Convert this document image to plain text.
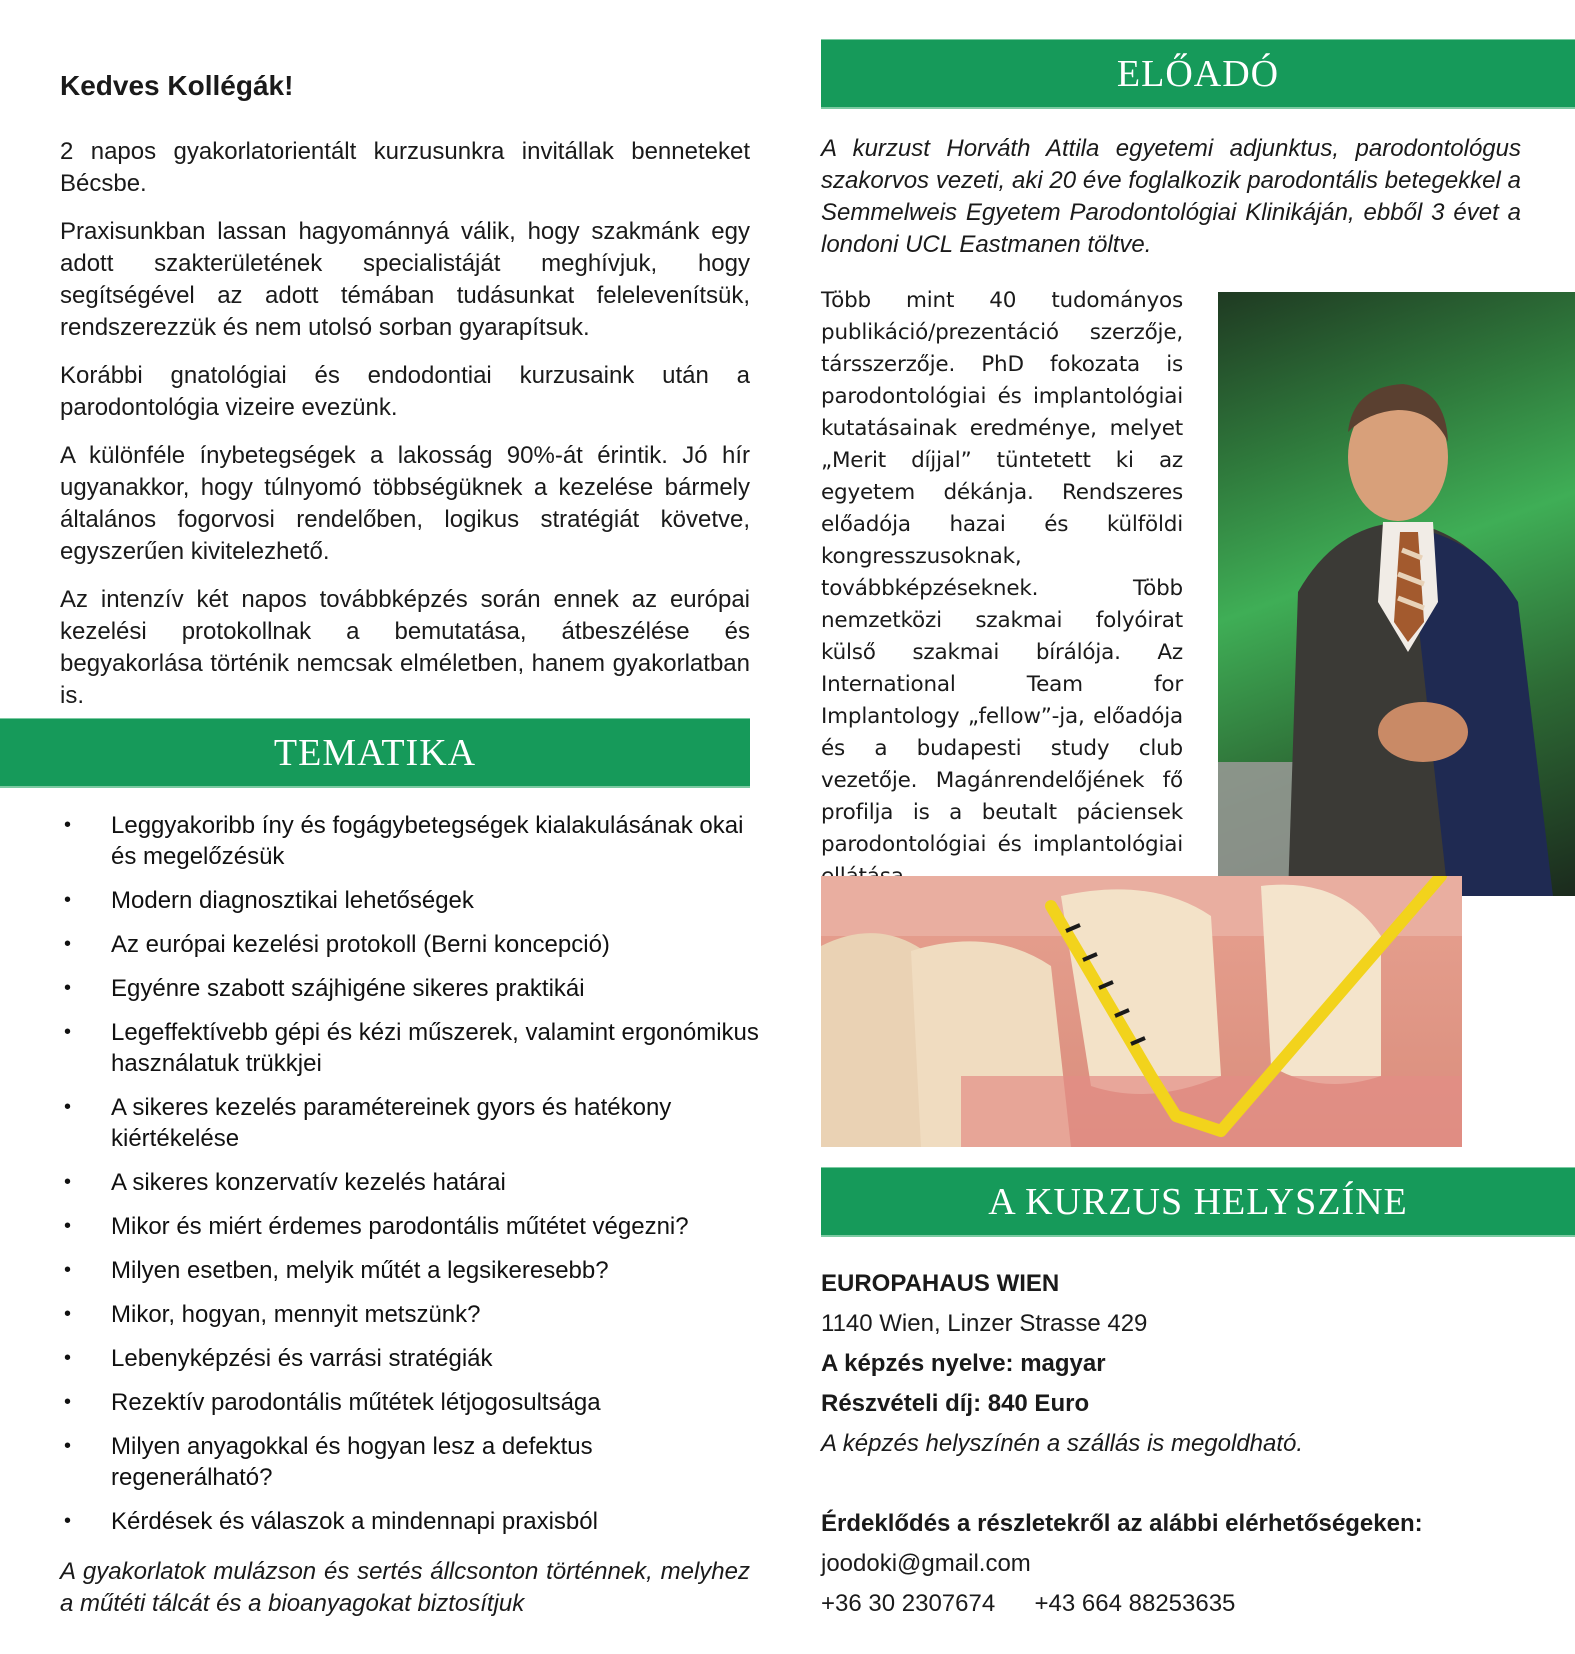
Kedves Kollégák!

2 napos gyakorlatorientált kurzusunkra invitállak benneteket Bécsbe.

Praxisunkban lassan hagyománnyá válik, hogy szakmánk egy adott szakterületének specialistáját meghívjuk, hogy segítségével az adott témában tudásunkat felelevenítsük, rendszerezzük és nem utolsó sorban gyarapítsuk.

Korábbi gnatológiai és endodontiai kurzusaink után a parodontológia vizeire evezünk.

A különféle ínybetegségek a lakosság 90%-át érintik. Jó hír ugyanakkor, hogy túlnyomó többségüknek a kezelése bármely általános fogorvosi rendelőben, logikus stratégiát követve, egyszerűen kivitelezhető.

Az intenzív két napos továbbképzés során ennek az európai kezelési protokollnak a bemutatása, átbeszélése és begyakorlása történik nemcsak elméletben, hanem gyakorlatban is.

TEMATIKA
• Leggyakoribb íny és fogágybetegségek kialakulásának okai és megelőzésük
• Modern diagnosztikai lehetőségek
• Az európai kezelési protokoll (Berni koncepció)
• Egyénre szabott szájhigéne sikeres praktikái
• Legeffektívebb gépi és kézi műszerek, valamint ergonómikus használatuk trükkjei
• A sikeres kezelés paramétereinek gyors és hatékony kiértékelése
• A sikeres konzervatív kezelés határai
• Mikor és miért érdemes parodontális műtétet végezni?
• Milyen esetben, melyik műtét a legsikeresebb?
• Mikor, hogyan, mennyit metszünk?
• Lebenyképzési és varrási stratégiák
• Rezektív parodontális műtétek létjogosultsága
• Milyen anyagokkal és hogyan lesz a defektus regenerálható?
• Kérdések és válaszok a mindennapi praxisból

A gyakorlatok mulázson és sertés állcsonton történnek, melyhez a műtéti tálcát és a bioanyagokat biztosítjuk

ELŐADÓ

A kurzust Horváth Attila egyetemi adjunktus, parodontológus szakorvos vezeti, aki 20 éve foglalkozik parodontális betegekkel a Semmelweis Egyetem Parodontológiai Klinikáján, ebből 3 évet a londoni UCL Eastmanen töltve.

Több mint 40 tudományos publikáció/prezentáció szerzője, társszerzője. PhD fokozata is parodontológiai és implantológiai kutatásainak eredménye, melyet „Merit díjjal” tüntetett ki az egyetem dékánja. Rendszeres előadója hazai és külföldi kongresszusoknak, továbbképzéseknek. Több nemzetközi szakmai folyóirat külső szakmai bírálója. Az International Team for Implantology „fellow”-ja, előadója és a budapesti study club vezetője. Magánrendelőjének fő profilja is a beutalt páciensek parodontológiai és implantológiai

A KURZUS HELYSZÍNE

EUROPAHAUS WIEN

1140 Wien, Linzer Strasse 429

A képzés nyelve: magyar

Részvételi díj: 840 Euro

A képzés helyszínén a szállás is megoldható.

Érdeklődés a részletekről az alábbi elérhetőségeken:

joodoki@gmail.com

+36 30 2307674 +43 664 88253635
